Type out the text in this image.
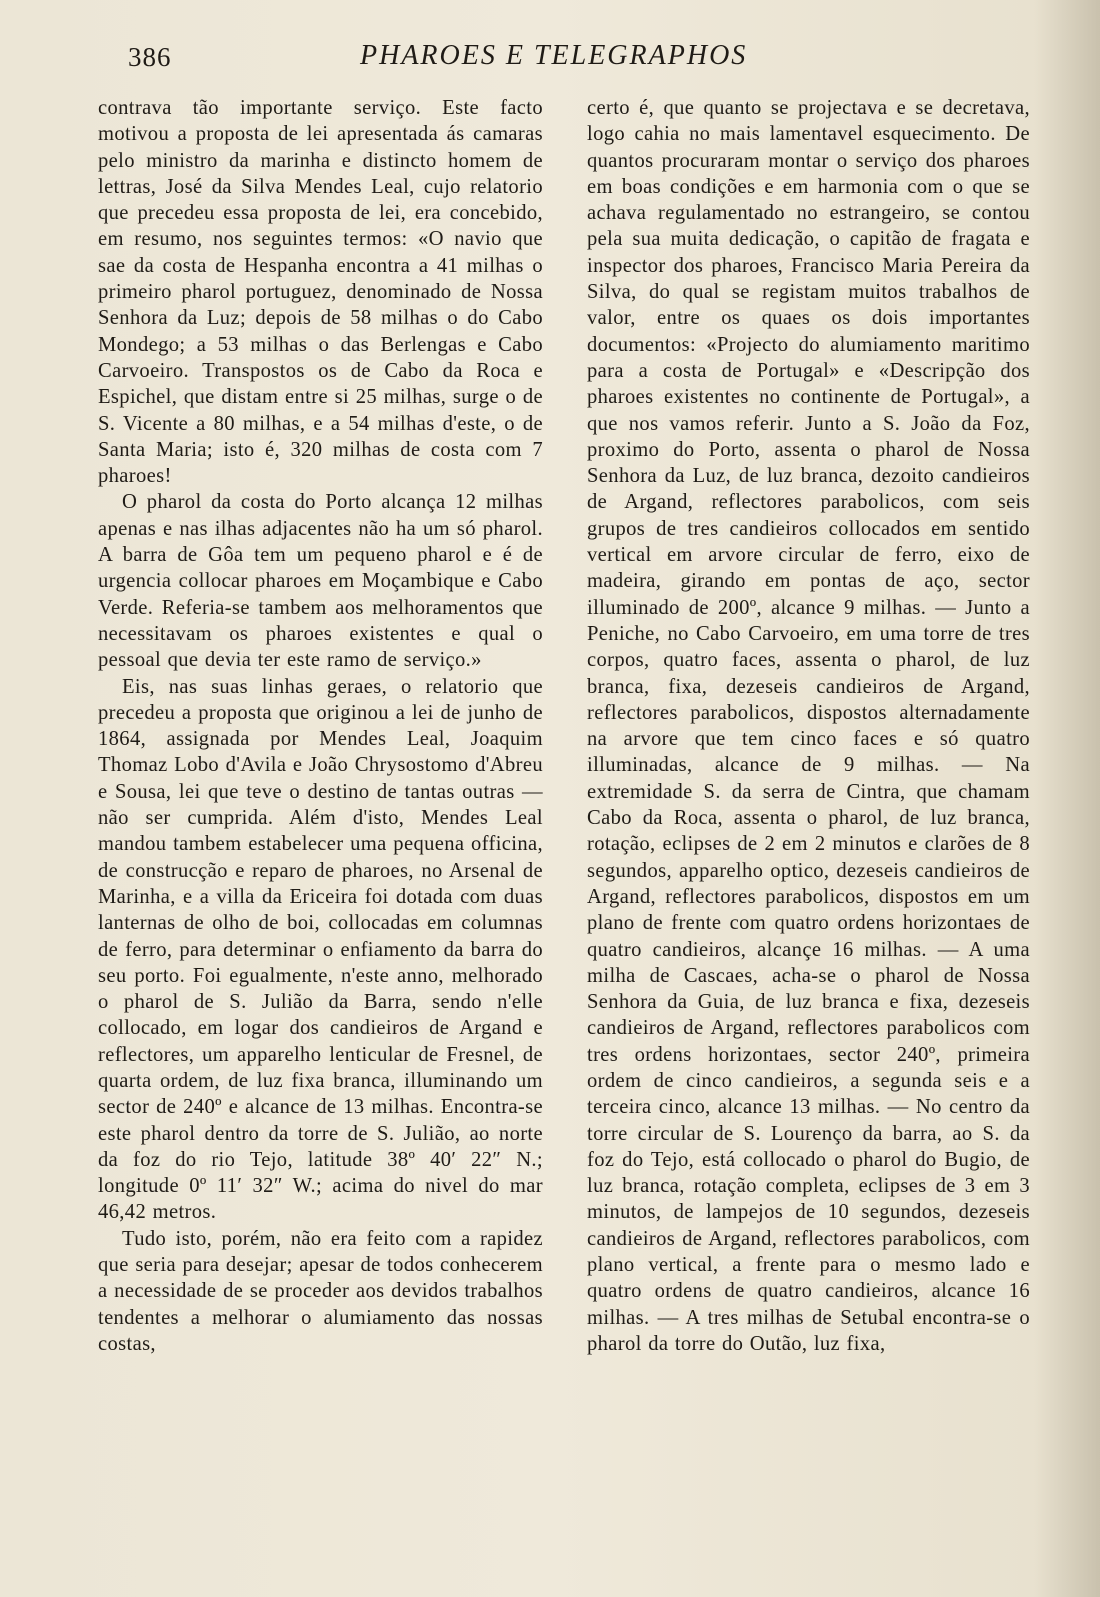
386	PHAROES E TELEGRAPHOS

contrava tão importante serviço. Este facto motivou a proposta de lei apresentada ás camaras pelo ministro da marinha e distincto homem de lettras, José da Silva Mendes Leal, cujo relatorio que precedeu essa proposta de lei, era concebido, em resumo, nos seguintes termos: «O navio que sae da costa de Hespanha encontra a 41 milhas o primeiro pharol portuguez, denominado de Nossa Senhora da Luz; depois de 58 milhas o do Cabo Mondego; a 53 milhas o das Berlengas e Cabo Carvoeiro. Transpostos os de Cabo da Roca e Espichel, que distam entre si 25 milhas, surge o de S. Vicente a 80 milhas, e a 54 milhas d'este, o de Santa Maria; isto é, 320 milhas de costa com 7 pharoes!

O pharol da costa do Porto alcança 12 milhas apenas e nas ilhas adjacentes não ha um só pharol. A barra de Gôa tem um pequeno pharol e é de urgencia collocar pharoes em Moçambique e Cabo Verde. Referia-se tambem aos melhoramentos que necessitavam os pharoes existentes e qual o pessoal que devia ter este ramo de serviço.»

Eis, nas suas linhas geraes, o relatorio que precedeu a proposta que originou a lei de junho de 1864, assignada por Mendes Leal, Joaquim Thomaz Lobo d'Avila e João Chrysostomo d'Abreu e Sousa, lei que teve o destino de tantas outras — não ser cumprida. Além d'isto, Mendes Leal mandou tambem estabelecer uma pequena officina, de construcção e reparo de pharoes, no Arsenal de Marinha, e a villa da Ericeira foi dotada com duas lanternas de olho de boi, collocadas em columnas de ferro, para determinar o enfiamento da barra do seu porto. Foi egualmente, n'este anno, melhorado o pharol de S. Julião da Barra, sendo n'elle collocado, em logar dos candieiros de Argand e reflectores, um apparelho lenticular de Fresnel, de quarta ordem, de luz fixa branca, illuminando um sector de 240º e alcance de 13 milhas. Encontra-se este pharol dentro da torre de S. Julião, ao norte da foz do rio Tejo, latitude 38º 40′ 22″ N.; longitude 0º 11′ 32″ W.; acima do nivel do mar 46,42 metros.

Tudo isto, porém, não era feito com a rapidez que seria para desejar; apesar de todos conhecerem a necessidade de se proceder aos devidos trabalhos tendentes a melhorar o alumiamento das nossas costas,

certo é, que quanto se projectava e se decretava, logo cahia no mais lamentavel esquecimento. De quantos procuraram montar o serviço dos pharoes em boas condições e em harmonia com o que se achava regulamentado no estrangeiro, se contou pela sua muita dedicação, o capitão de fragata e inspector dos pharoes, Francisco Maria Pereira da Silva, do qual se registam muitos trabalhos de valor, entre os quaes os dois importantes documentos: «Projecto do alumiamento maritimo para a costa de Portugal» e «Descripção dos pharoes existentes no continente de Portugal», a que nos vamos referir. Junto a S. João da Foz, proximo do Porto, assenta o pharol de Nossa Senhora da Luz, de luz branca, dezoito candieiros de Argand, reflectores parabolicos, com seis grupos de tres candieiros collocados em sentido vertical em arvore circular de ferro, eixo de madeira, girando em pontas de aço, sector illuminado de 200º, alcance 9 milhas. — Junto a Peniche, no Cabo Carvoeiro, em uma torre de tres corpos, quatro faces, assenta o pharol, de luz branca, fixa, dezeseis candieiros de Argand, reflectores parabolicos, dispostos alternadamente na arvore que tem cinco faces e só quatro illuminadas, alcance de 9 milhas. — Na extremidade S. da serra de Cintra, que chamam Cabo da Roca, assenta o pharol, de luz branca, rotação, eclipses de 2 em 2 minutos e clarões de 8 segundos, apparelho optico, dezeseis candieiros de Argand, reflectores parabolicos, dispostos em um plano de frente com quatro ordens horizontaes de quatro candieiros, alcançe 16 milhas. — A uma milha de Cascaes, acha-se o pharol de Nossa Senhora da Guia, de luz branca e fixa, dezeseis candieiros de Argand, reflectores parabolicos com tres ordens horizontaes, sector 240º, primeira ordem de cinco candieiros, a segunda seis e a terceira cinco, alcance 13 milhas. — No centro da torre circular de S. Lourenço da barra, ao S. da foz do Tejo, está collocado o pharol do Bugio, de luz branca, rotação completa, eclipses de 3 em 3 minutos, de lampejos de 10 segundos, dezeseis candieiros de Argand, reflectores parabolicos, com plano vertical, a frente para o mesmo lado e quatro ordens de quatro candieiros, alcance 16 milhas. — A tres milhas de Setubal encontra-se o pharol da torre do Outão, luz fixa,
